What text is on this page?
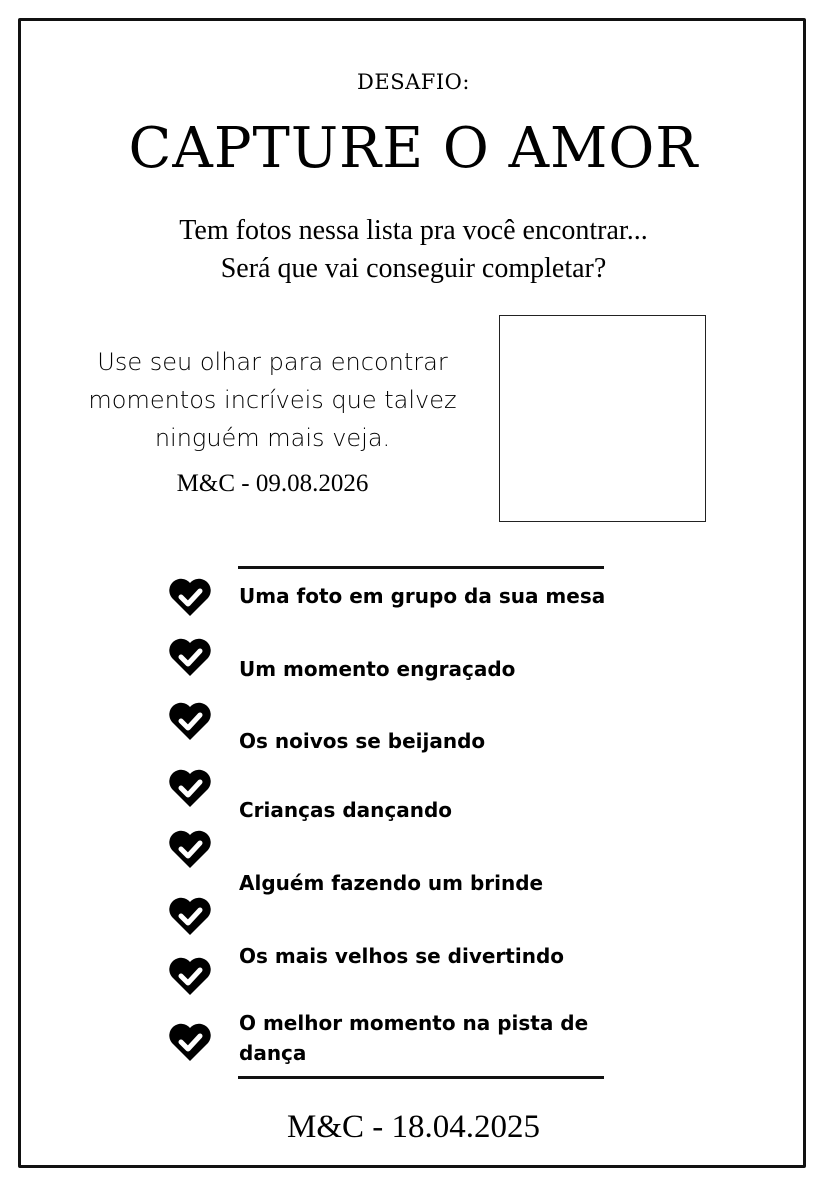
DESAFIO:
CAPTURE O AMOR
Tem fotos nessa lista pra você encontrar...
Será que vai conseguir completar?
Use seu olhar para encontrar momentos incríveis que talvez ninguém mais veja.
M&C - 09.08.2026
Uma foto em grupo da sua mesa
Um momento engraçado
Os noivos se beijando
Crianças dançando
Alguém fazendo um brinde
Os mais velhos se divertindo
O melhor momento na pista de dança
M&C - 18.04.2025
